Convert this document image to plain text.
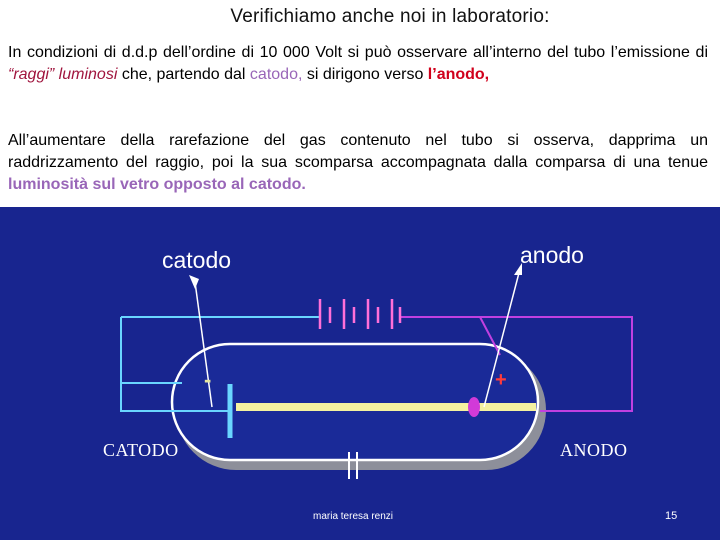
Verifichiamo anche noi in laboratorio:
In condizioni di d.d.p dell’ordine di 10 000 Volt si può osservare all’interno del tubo l’emissione di “raggi” luminosi che, partendo dal catodo, si dirigono verso l’anodo,
All’aumentare della rarefazione del gas contenuto nel tubo si osserva, dapprima un raddrizzamento del raggio, poi la sua scomparsa accompagnata dalla comparsa di una tenue luminosità sul vetro opposto al catodo.
catodo	anodo
CATODO	ANODO
-	+
maria teresa renzi	15
